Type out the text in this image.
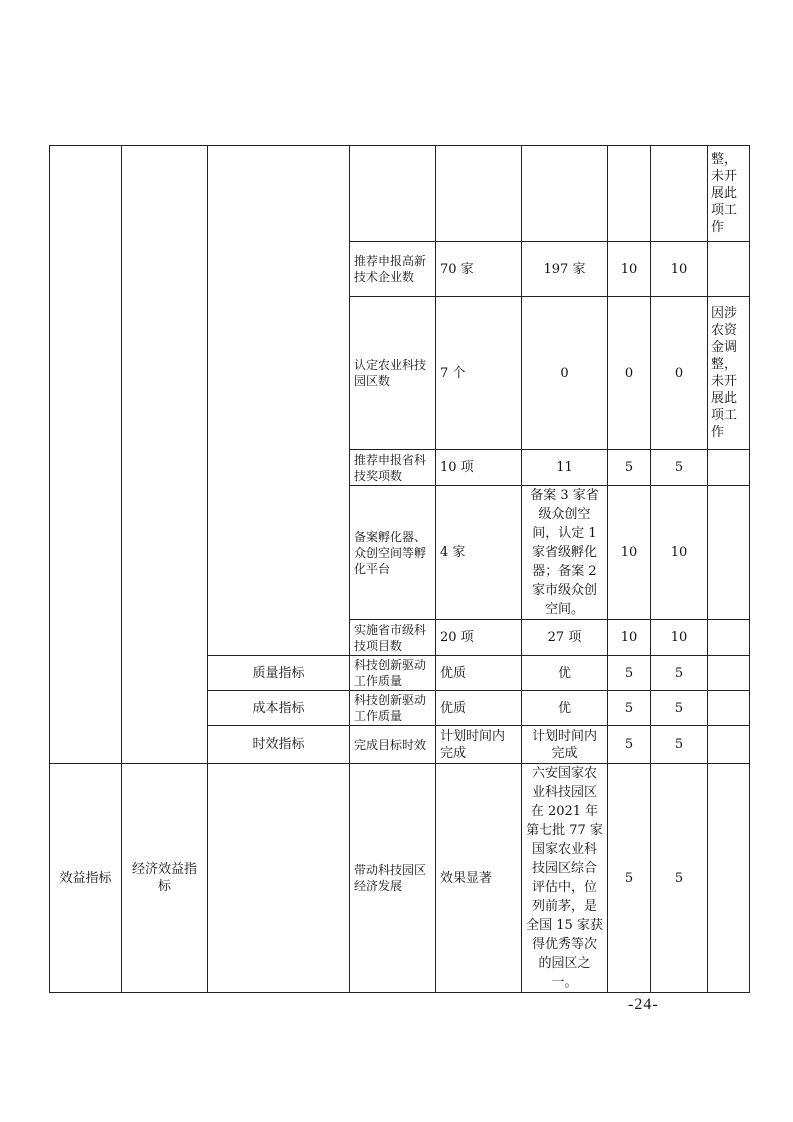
								整，未开展此项工作
			推荐申报高新技术企业数	70 家	197 家	10	10	
			认定农业科技园区数	7 个	0	0	0	因涉农资金调整，未开展此项工作
			推荐申报省科技奖项数	10 项	11	5	5	
			备案孵化器、众创空间等孵化平台	4 家	备案 3 家省级众创空间，认定 1 家省级孵化器；备案 2 家市级众创空间。	10	10	
			实施省市级科技项目数	20 项	27 项	10	10	
		质量指标	科技创新驱动工作质量	优质	优	5	5	
		成本指标	科技创新驱动工作质量	优质	优	5	5	
		时效指标	完成目标时效	计划时间内完成	计划时间内完成	5	5	
效益指标	经济效益指标		带动科技园区经济发展	效果显著	六安国家农业科技园区在 2021 年第七批 77 家国家农业科技园区综合评估中，位列前茅，是全国 15 家获得优秀等次的园区之一。	5	5	
-24-
